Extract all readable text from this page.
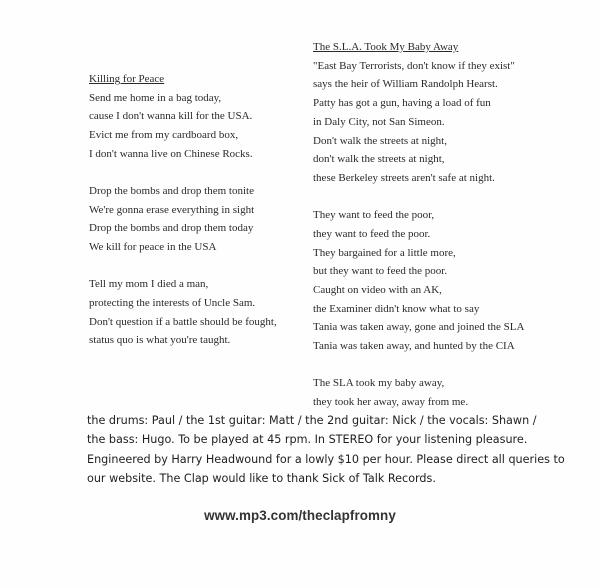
Killing for Peace
Send me home in a bag today,
cause I don't wanna kill for the USA.
Evict me from my cardboard box,
I don't wanna live on Chinese Rocks.
Drop the bombs and drop them tonite
We're gonna erase everything in sight
Drop the bombs and drop them today
We kill for peace in the USA
Tell my mom I died a man,
protecting the interests of Uncle Sam.
Don't question if a battle should be fought,
status quo is what you're taught.
The S.L.A. Took My Baby Away
"East Bay Terrorists, don't know if they exist"
says the heir of William Randolph Hearst.
Patty has got a gun, having a load of fun
in Daly City, not San Simeon.
Don't walk the streets at night,
don't walk the streets at night,
these Berkeley streets aren't safe at night.
They want to feed the poor,
they want to feed the poor.
They bargained for a little more,
but they want to feed the poor.
Caught on video with an AK,
the Examiner didn't know what to say
Tania was taken away, gone and joined the SLA
Tania was taken away, and hunted by the CIA
The SLA took my baby away,
they took her away, away from me.

the drums: Paul / the 1st guitar: Matt / the 2nd guitar: Nick / the vocals: Shawn /
the bass: Hugo. To be played at 45 rpm. In STEREO for your listening pleasure.
Engineered by Harry Headwound for a lowly $10 per hour. Please direct all queries to
our website. The Clap would like to thank Sick of Talk Records.

www.mp3.com/theclapfromny
